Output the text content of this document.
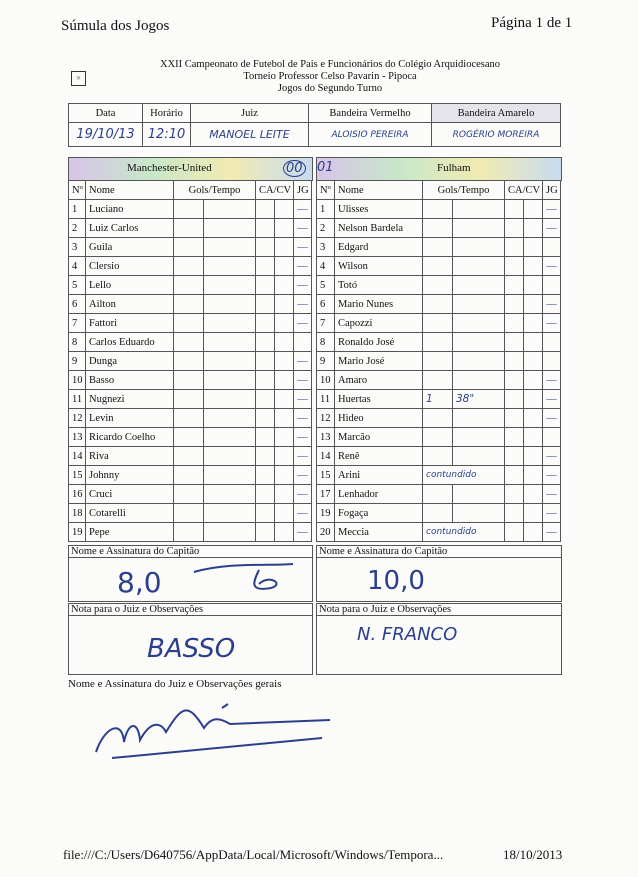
Súmula dos Jogos	Página 1 de 1
×
XXII Campeonato de Futebol de Pais e Funcionários do Colégio Arquidiocesano
Torneio Professor Celso Pavarin - Pipoca
Jogos do Segundo Turno
Data	Horário	Juiz	Bandeira Vermelho	Bandeira Amarelo
19/10/13	12:10	MANOEL LEITE	ALOISIO PEREIRA	ROGÉRIO MOREIRA
Manchester-United	00 01	Fulham
Nº	Nome	Gols/Tempo		CA/CV		JG
1	Luciano					—
2	Luiz Carlos					—
3	Guila					—
4	Clersio					—
5	Lello					—
6	Ailton					—
7	Fattori					—
8	Carlos Eduardo					
9	Dunga					—
10	Basso					—
11	Nugnezi					—
12	Levin					—
13	Ricardo Coelho					—
14	Riva					—
15	Johnny					—
16	Cruci					—
18	Cotarelli					—
19	Pepe					—
Nº	Nome	Gols/Tempo		CA/CV		JG
1	Ulisses					—
2	Nelson Bardela					—
3	Edgard					
4	Wilson					—
5	Totó					
6	Mario Nunes					—
7	Capozzi					—
8	Ronaldo José					
9	Mario José					
10	Amaro					—
11	Huertas	1	38"			—
12	Hideo					—
13	Marcão					
14	Renê					—
15	Arini	contundido				—
17	Lenhador					—
19	Fogaça					—
20	Meccia	contundido				—
Nome e Assinatura do Capitão
8,0
Nome e Assinatura do Capitão
10,0
Nota para o Juiz e Observações
BASSO
Nota para o Juiz e Observações
N. FRANCO
Nome e Assinatura do Juiz e Observações gerais
file:///C:/Users/D640756/AppData/Local/Microsoft/Windows/Tempora...	18/10/2013
